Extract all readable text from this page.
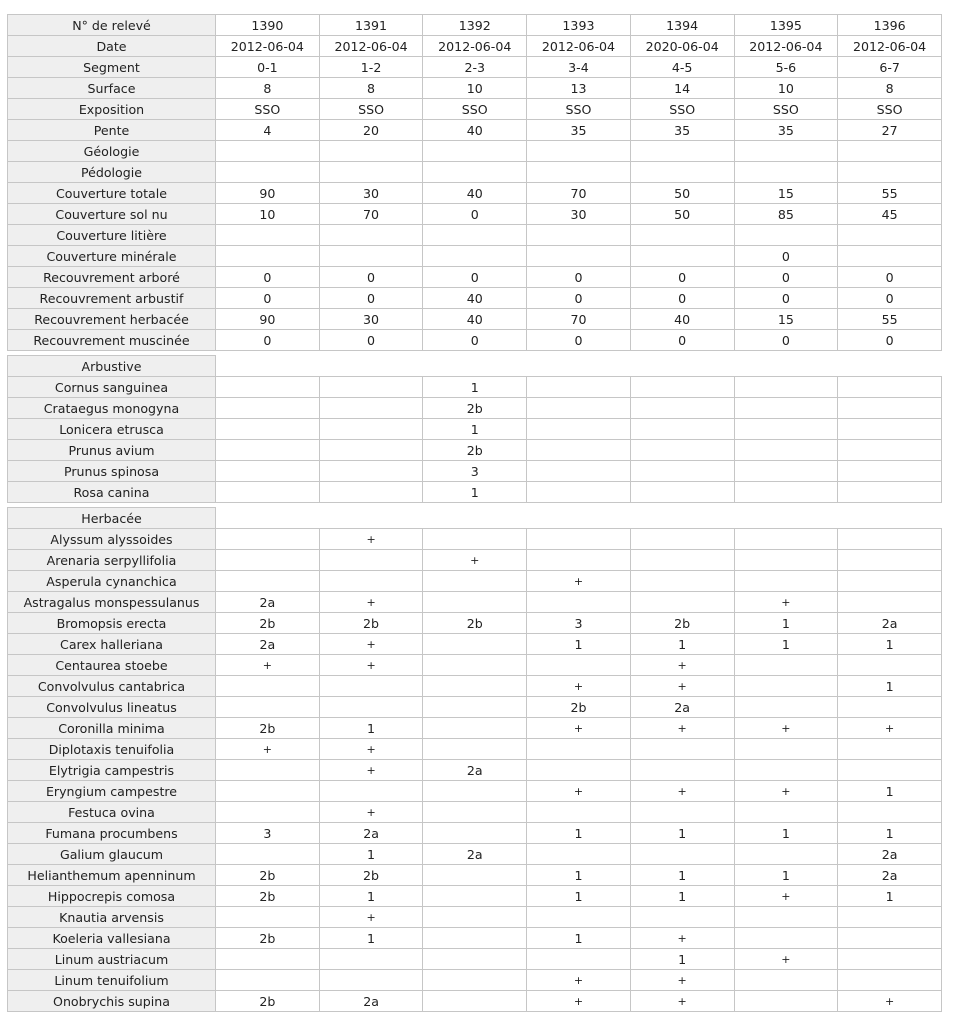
N° de relevé	1390	1391	1392	1393	1394	1395	1396
Date	2012-06-04	2012-06-04	2012-06-04	2012-06-04	2020-06-04	2012-06-04	2012-06-04
Segment	0-1	1-2	2-3	3-4	4-5	5-6	6-7
Surface	8	8	10	13	14	10	8
Exposition	SSO	SSO	SSO	SSO	SSO	SSO	SSO
Pente	4	20	40	35	35	35	27
Géologie							
Pédologie							
Couverture totale	90	30	40	70	50	15	55
Couverture sol nu	10	70	0	30	50	85	45
Couverture litière							
Couverture minérale						0	
Recouvrement arboré	0	0	0	0	0	0	0
Recouvrement arbustif	0	0	40	0	0	0	0
Recouvrement herbacée	90	30	40	70	40	15	55
Recouvrement muscinée	0	0	0	0	0	0	0
Arbustive							
Cornus sanguinea			1				
Crataegus monogyna			2b				
Lonicera etrusca			1				
Prunus avium			2b				
Prunus spinosa			3				
Rosa canina			1				
Herbacée							
Alyssum alyssoides		+					
Arenaria serpyllifolia			+				
Asperula cynanchica				+			
Astragalus monspessulanus	2a	+				+	
Bromopsis erecta	2b	2b	2b	3	2b	1	2a
Carex halleriana	2a	+		1	1	1	1
Centaurea stoebe	+	+			+		
Convolvulus cantabrica				+	+		1
Convolvulus lineatus				2b	2a		
Coronilla minima	2b	1		+	+	+	+
Diplotaxis tenuifolia	+	+					
Elytrigia campestris		+	2a				
Eryngium campestre				+	+	+	1
Festuca ovina		+					
Fumana procumbens	3	2a		1	1	1	1
Galium glaucum		1	2a				2a
Helianthemum apenninum	2b	2b		1	1	1	2a
Hippocrepis comosa	2b	1		1	1	+	1
Knautia arvensis		+					
Koeleria vallesiana	2b	1		1	+		
Linum austriacum					1	+	
Linum tenuifolium				+	+		
Onobrychis supina	2b	2a		+	+		+
